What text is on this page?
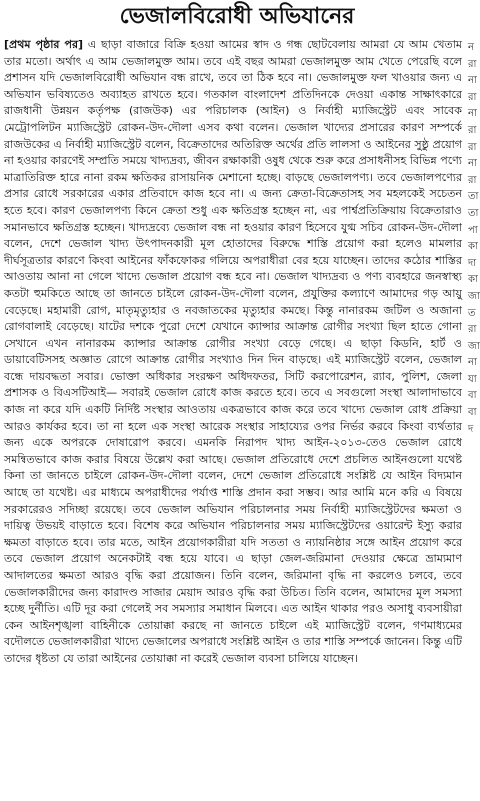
ভেজালবিরোধী অভিযানের

[প্রথম পৃষ্ঠার পর] এ ছাড়া বাজারে বিক্রি হওয়া আমের স্বাদ ও গন্ধ ছোটবেলায় আমরা যে আম খেতাম তার মতো। অর্থাৎ এ আম ভেজালমুক্ত আম। তবে এই বছর আমরা ভেজালমুক্ত আম খেতে পেরেছি বলে প্রশাসন যদি ভেজালবিরোধী অভিযান বন্ধ রাখে, তবে তা ঠিক হবে না। ভেজালমুক্ত ফল খাওয়ার জন্য এ অভিযান ভবিষ্যতেও অব্যাহত রাখতে হবে। গতকাল বাংলাদেশ প্রতিদিনকে দেওয়া একান্ত সাক্ষাৎকারে রাজধানী উন্নয়ন কর্তৃপক্ষ (রাজউক) এর পরিচালক (আইন) ও নির্বাহী ম্যাজিস্ট্রেট এবং সাবেক মেট্রোপলিটন ম্যাজিস্ট্রেট রোকন-উদ-দৌলা এসব কথা বলেন। ভেজাল খাদ্যের প্রসারের কারণ সম্পর্কে রাজউকের এ নির্বাহী ম্যাজিস্ট্রেট বলেন, বিক্রেতাদের অতিরিক্ত অর্থের প্রতি লালসা ও আইনের সুষ্ঠু প্রয়োগ না হওয়ার কারণেই সম্প্রতি সময়ে খাদ্যদ্রব্য, জীবন রক্ষাকারী ওষুধ থেকে শুরু করে প্রসাধনীসহ বিভিন্ন পণ্যে মাত্রাতিরিক্ত হারে নানা রকম ক্ষতিকর রাসায়নিক মেশানো হচ্ছে। বাড়ছে ভেজালপণ্য। তবে ভেজালপণ্যের প্রসার রোধে সরকারের একার প্রতিবাদে কাজ হবে না। এ জন্য ক্রেতা-বিক্রেতাসহ সব মহলকেই সচেতন হতে হবে। কারণ ভেজালপণ্য কিনে ক্রেতা শুধু এক ক্ষতিগ্রস্ত হচ্ছেন না, এর পার্শ্বপ্রতিক্রিয়ায় বিক্রেতারাও সমানভাবে ক্ষতিগ্রস্ত হচ্ছেন। খাদ্যদ্রব্যে ভেজাল বন্ধ না হওয়ার কারণ হিসেবে যুগ্ম সচিব রোকন-উদ-দৌলা বলেন, দেশে ভেজাল খাদ্য উৎপাদনকারী মূল হোতাদের বিরুদ্ধে শাস্তি প্রয়োগ করা হলেও মামলার দীর্ঘসূত্রতার কারণে কিংবা আইনের ফাঁকফোকর গলিয়ে অপরাধীরা বের হয়ে যাচ্ছেন। তাদের কঠোর শাস্তির আওতায় আনা না গেলে খাদ্যে ভেজাল প্রয়োগ বন্ধ হবে না। ভেজাল খাদ্যদ্রব্য ও পণ্য ব্যবহারে জনস্বাস্থ্য কতটা হুমকিতে আছে তা জানতে চাইলে রোকন-উদ-দৌলা বলেন, প্রযুক্তির কল্যাণে আমাদের গড় আয়ু বেড়েছে। মহামারী রোগ, মাতৃমৃত্যুহার ও নবজাতকের মৃত্যুহার কমছে। কিন্তু নানারকম জটিল ও অজানা রোগবালাই বেড়েছে। যাটের দশকে পুরো দেশে যেখানে ক্যান্সার আক্রান্ত রোগীর সংখ্যা ছিল হাতে গোনা সেখানে এখন নানারকম ক্যান্সার আক্রান্ত রোগীর সংখ্যা বেড়ে গেছে। এ ছাড়া কিডনি, হার্ট ও ডায়াবেটিসসহ অজ্ঞাত রোগে আক্রান্ত রোগীর সংখ্যাও দিন দিন বাড়ছে। এই ম্যাজিস্ট্রেট বলেন, ভেজাল বন্ধে দায়বদ্ধতা সবার। ভোক্তা অধিকার সংরক্ষণ অধিদফতর, সিটি করপোরেশন, র‍্যাব, পুলিশ, জেলা প্রশাসক ও বিএসটিআই— সবারই ভেজাল রোধে কাজ করতে হবে। তবে এ সবগুলো সংস্থা আলাদাভাবে কাজ না করে যদি একটি নির্দিষ্ট সংস্থার আওতায় একত্রভাবে কাজ করে তবে খাদ্যে ভেজাল রোধ প্রক্রিয়া আরও কার্যকর হবে। তা না হলে এক সংস্থা আরেক সংস্থার সাহায্যের ওপর নির্ভর করবে কিংবা ব্যর্থতার জন্য একে অপরকে দোষারোপ করবে। এমনকি নিরাপদ খাদ্য আইন-২০১৩-তেও ভেজাল রোধে সমন্বিতভাবে কাজ করার বিষয়ে উল্লেখ করা আছে। ভেজাল প্রতিরোধে দেশে প্রচলিত আইনগুলো যথেষ্ট কিনা তা জানতে চাইলে রোকন-উদ-দৌলা বলেন, দেশে ভেজাল প্রতিরোধে সংশ্লিষ্ট যে আইন বিদ্যমান আছে তা যথেষ্ট। এর মাধ্যমে অপরাধীদের পর্যাপ্ত শাস্তি প্রদান করা সম্ভব। আর আমি মনে করি এ বিষয়ে সরকারেরও সদিচ্ছা রয়েছে। তবে ভেজাল অভিযান পরিচালনার সময় নির্বাহী ম্যাজিস্ট্রেটদের ক্ষমতা ও দায়িত্ব উভয়ই বাড়াতে হবে। বিশেষ করে অভিযান পরিচালনার সময় ম্যাজিস্ট্রেটদের ওয়ারেন্ট ইস্যু করার ক্ষমতা বাড়াতে হবে। তার মতে, আইন প্রয়োগকারীরা যদি সততা ও ন্যায়নিষ্ঠার সঙ্গে আইন প্রয়োগ করে তবে ভেজাল প্রয়োগ অনেকটাই বন্ধ হয়ে যাবে। এ ছাড়া জেল-জরিমানা দেওয়ার ক্ষেত্রে ভ্রাম্যমাণ আদালতের ক্ষমতা আরও বৃদ্ধি করা প্রয়োজন। তিনি বলেন, জরিমানা বৃদ্ধি না করলেও চলবে, তবে ভেজালকারীদের জন্য কারাদণ্ড সাজার মেয়াদ আরও বৃদ্ধি করা উচিত। তিনি বলেন, আমাদের মূল সমস্যা হচ্ছে দুর্নীতি। এটি দূর করা গেলেই সব সমস্যার সমাধান মিলবে। এত আইন থাকার পরও অসাধু ব্যবসায়ীরা কেন আইনশৃঙ্খলা বাহিনীকে তোয়াক্কা করছে না জানতে চাইলে এই ম্যাজিস্ট্রেট বলেন, গণমাধ্যমের বদৌলতে ভেজালকারীরা খাদ্যে ভেজালের অপরাধে সংশ্লিষ্ট আইন ও তার শাস্তি সম্পর্কে জানেন। কিন্তু এটি তাদের ধৃষ্টতা যে তারা আইনের তোয়াক্কা না করেই ভেজাল ব্যবসা চালিয়ে যাচ্ছেন।

নরানারানারারানারাতাতাপাকাদাকাজাতরাজানাযাবাবাদ
